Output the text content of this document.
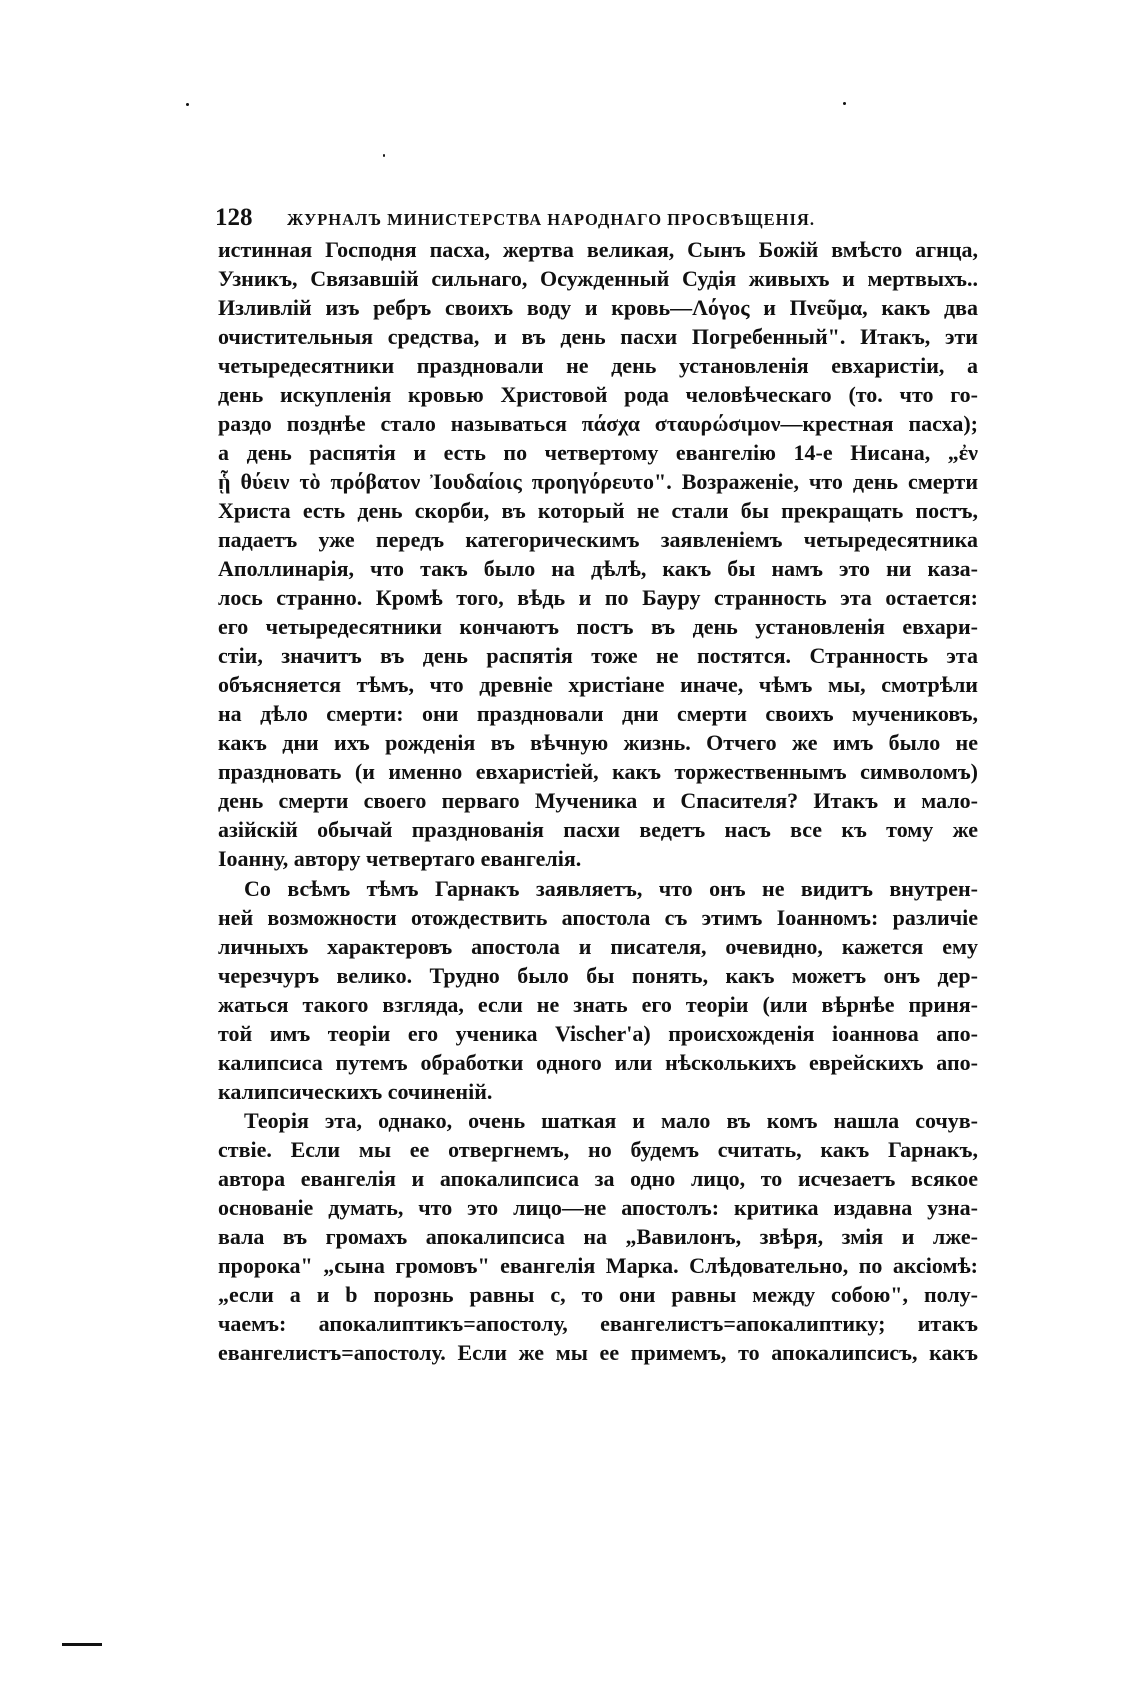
128 ЖУРНАЛЪ МИНИСТЕРСТВА НАРОДНАГО ПРОСВѢЩЕНІЯ.
истинная Господня пасха, жертва великая, Сынъ Божій вмѣсто агнца,
Узникъ, Связавшій сильнаго, Осужденный Судія живыхъ и мертвыхъ..
Изливлій изъ ребръ своихъ воду и кровь—Λόγος и Πνεῦμα, какъ два
очистительныя средства, и въ день пасхи Погребенный". Итакъ, эти
четыредесятники праздновали не день установленія евхаристіи, а
день искупленія кровью Христовой рода человѣческаго (то. что го-
раздо позднѣе стало называться πάσχα σταυρώσιμον—крестная пасха);
а день распятія и есть по четвертому евангелію 14-е Нисана, „ἐν
ᾗ θύειν τὸ πρόβατον Ἰουδαίοις προηγόρευτο". Возраженіе, что день смерти
Христа есть день скорби, въ который не стали бы прекращать постъ,
падаетъ уже передъ категорическимъ заявленіемъ четыредесятника
Аполлинарія, что такъ было на дѣлѣ, какъ бы намъ это ни каза-
лось странно. Кромѣ того, вѣдь и по Бауру странность эта остается:
его четыредесятники кончаютъ постъ въ день установленія евхари-
стіи, значитъ въ день распятія тоже не постятся. Странность эта
объясняется тѣмъ, что древніе христіане иначе, чѣмъ мы, смотрѣли
на дѣло смерти: они праздновали дни смерти своихъ мучениковъ,
какъ дни ихъ рожденія въ вѣчную жизнь. Отчего же имъ было не
праздновать (и именно евхаристіей, какъ торжественнымъ символомъ)
день смерти своего перваго Мученика и Спасителя? Итакъ и мало-
азійскій обычай празднованія пасхи ведетъ насъ все къ тому же
Іоанну, автору четвертаго евангелія.
Со всѣмъ тѣмъ Гарнакъ заявляетъ, что онъ не видитъ внутрен-
ней возможности отождествить апостола съ этимъ Іоанномъ: различіе
личныхъ характеровъ апостола и писателя, очевидно, кажется ему
черезчуръ велико. Трудно было бы понять, какъ можетъ онъ дер-
жаться такого взгляда, если не знать его теоріи (или вѣрнѣе приня-
той имъ теоріи его ученика Vischer'а) происхожденія іоаннова апо-
калипсиса путемъ обработки одного или нѣсколькихъ еврейскихъ апо-
калипсическихъ сочиненій.
Теорія эта, однако, очень шаткая и мало въ комъ нашла сочув-
ствіе. Если мы ее отвергнемъ, но будемъ считать, какъ Гарнакъ,
автора евангелія и апокалипсиса за одно лицо, то исчезаетъ всякое
основаніе думать, что это лицо—не апостолъ: критика издавна узна-
вала въ громахъ апокалипсиса на „Вавилонъ, звѣря, змія и лже-
пророка" „сына громовъ" евангелія Марка. Слѣдовательно, по аксіомѣ:
„если a и b порознь равны c, то они равны между собою", полу-
чаемъ: апокалиптикъ=апостолу, евангелистъ=апокалиптику; итакъ
евангелистъ=апостолу. Если же мы ее примемъ, то апокалипсисъ, какъ
